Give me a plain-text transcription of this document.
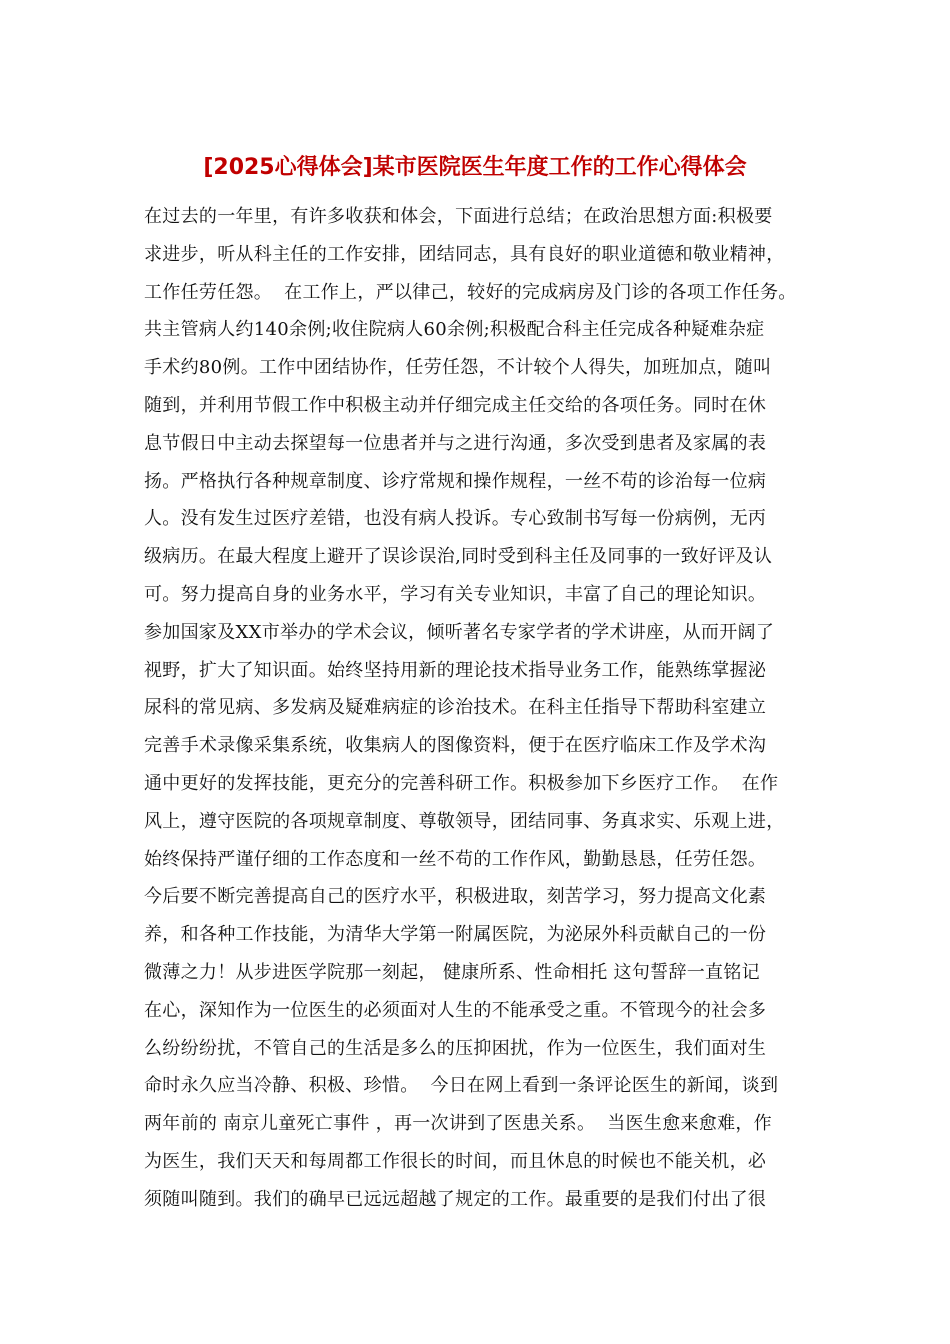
[2025心得体会]某市医院医生年度工作的工作心得体会
在过去的一年里，有许多收获和体会，下面进行总结；在政治思想方面:积极要
求进步，听从科主任的工作安排，团结同志，具有良好的职业道德和敬业精神，
工作任劳任怨。  在工作上，严以律己，较好的完成病房及门诊的各项工作任务。
共主管病人约140余例;收住院病人60余例;积极配合科主任完成各种疑难杂症
手术约80例。工作中团结协作，任劳任怨，不计较个人得失，加班加点，随叫
随到，并利用节假工作中积极主动并仔细完成主任交给的各项任务。同时在休
息节假日中主动去探望每一位患者并与之进行沟通，多次受到患者及家属的表
扬。严格执行各种规章制度、诊疗常规和操作规程，一丝不苟的诊治每一位病
人。没有发生过医疗差错，也没有病人投诉。专心致制书写每一份病例，无丙
级病历。在最大程度上避开了误诊误治,同时受到科主任及同事的一致好评及认
可。努力提高自身的业务水平，学习有关专业知识，丰富了自己的理论知识。
参加国家及XX市举办的学术会议，倾听著名专家学者的学术讲座，从而开阔了
视野，扩大了知识面。始终坚持用新的理论技术指导业务工作，能熟练掌握泌
尿科的常见病、多发病及疑难病症的诊治技术。在科主任指导下帮助科室建立
完善手术录像采集系统，收集病人的图像资料，便于在医疗临床工作及学术沟
通中更好的发挥技能，更充分的完善科研工作。积极参加下乡医疗工作。  在作
风上，遵守医院的各项规章制度、尊敬领导，团结同事、务真求实、乐观上进，
始终保持严谨仔细的工作态度和一丝不苟的工作作风，勤勤恳恳，任劳任怨。
今后要不断完善提高自己的医疗水平，积极进取，刻苦学习，努力提高文化素
养，和各种工作技能，为清华大学第一附属医院，为泌尿外科贡献自己的一份
微薄之力！从步进医学院那一刻起， 健康所系、性命相托 这句誓辞一直铭记
在心，深知作为一位医生的必须面对人生的不能承受之重。不管现今的社会多
么纷纷纷扰，不管自己的生活是多么的压抑困扰，作为一位医生，我们面对生
命时永久应当冷静、积极、珍惜。  今日在网上看到一条评论医生的新闻，谈到
两年前的 南京儿童死亡事件 ，再一次讲到了医患关系。  当医生愈来愈难，作
为医生，我们天天和每周都工作很长的时间，而且休息的时候也不能关机，必
须随叫随到。我们的确早已远远超越了规定的工作。最重要的是我们付出了很
